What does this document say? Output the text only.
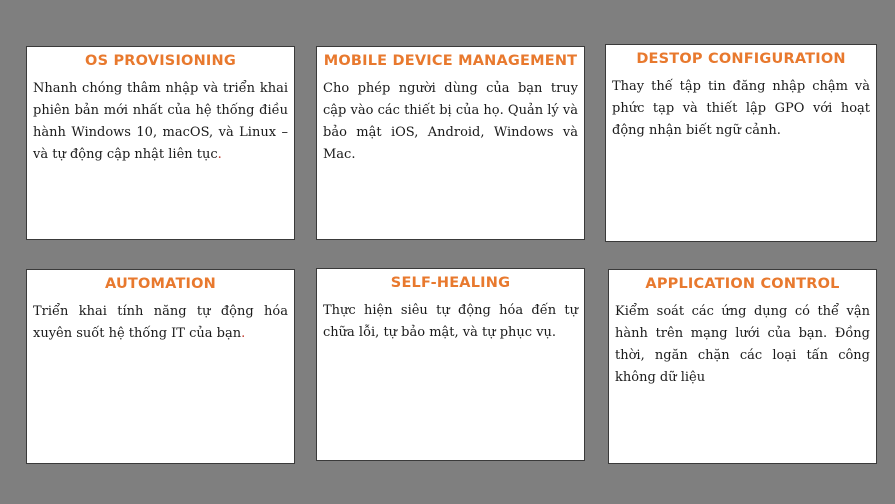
OS PROVISIONING

Nhanh chóng thâm nhập và triển khai phiên bản mới nhất của hệ thống điều hành Windows 10, macOS, và Linux – và tự động cập nhật liên tục.

MOBILE DEVICE MANAGEMENT

Cho phép người dùng của bạn truy cập vào các thiết bị của họ. Quản lý và bảo mật iOS, Android, Windows và Mac.

DESTOP CONFIGURATION

Thay thế tập tin đăng nhập chậm và phức tạp và thiết lập GPO với hoạt động nhận biết ngữ cảnh.

AUTOMATION

Triển khai tính năng tự động hóa xuyên suốt hệ thống IT của bạn.

SELF-HEALING

Thực hiện siêu tự động hóa đến tự chữa lỗi, tự bảo mật, và tự phục vụ.

APPLICATION CONTROL

Kiểm soát các ứng dụng có thể vận hành trên mạng lưới của bạn. Đồng thời, ngăn chặn các loại tấn công không dữ liệu
